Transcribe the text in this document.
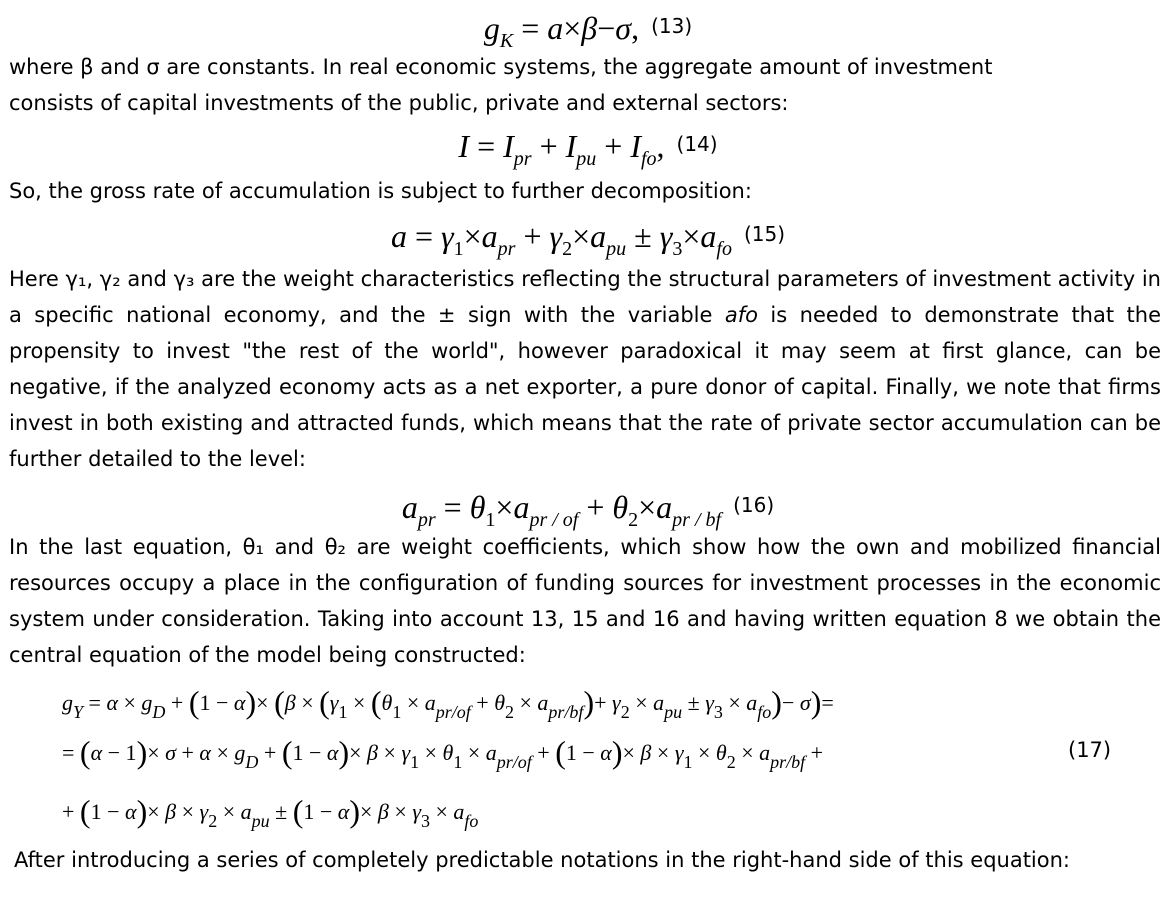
$g_K = a\times\beta-\sigma$, (13)
where β and σ are constants. In real economic systems, the aggregate amount of investment
consists of capital investments of the public, private and external sectors:
$I = I_{pr} + I_{pu} + I_{fo}$, (14)
So, the gross rate of accumulation is subject to further decomposition:
$a = \gamma_1\times a_{pr} + \gamma_2\times a_{pu} \pm \gamma_3\times a_{fo}$ (15)

Here γ₁, γ₂ and γ₃ are the weight characteristics reflecting the structural parameters of investment activity in a specific national economy, and the ± sign with the variable afo is needed to demonstrate that the propensity to invest "the rest of the world", however paradoxical it may seem at first glance, can be negative, if the analyzed economy acts as a net exporter, a pure donor of capital. Finally, we note that firms invest in both existing and attracted funds, which means that the rate of private sector accumulation can be further detailed to the level:

$a_{pr} = \theta_1\times a_{pr / of} + \theta_2\times a_{pr / bf}$ (16)

In the last equation, θ₁ and θ₂ are weight coefficients, which show how the own and mobilized financial resources occupy a place in the configuration of funding sources for investment processes in the economic system under consideration. Taking into account 13, 15 and 16 and having written equation 8 we obtain the central equation of the model being constructed:

$g_Y = \alpha \times g_D + (1 - \alpha)\times (\beta \times (\gamma_1 \times (\theta_1 \times a_{pr/of} + \theta_2 \times a_{pr/bf})+ \gamma_2 \times a_{pu} \pm \gamma_3 \times a_{fo})- \sigma)=$
= $(\alpha - 1)\times \sigma + \alpha \times g_D + (1 - \alpha)\times \beta \times \gamma_1 \times \theta_1 \times a_{pr/of} + (1 - \alpha)\times \beta \times \gamma_1 \times \theta_2 \times a_{pr/bf}$ +	(17)
+ $(1 - \alpha)\times \beta \times \gamma_2 \times a_{pu} \pm (1 - \alpha)\times \beta \times \gamma_3 \times a_{fo}$

After introducing a series of completely predictable notations in the right-hand side of this equation:
